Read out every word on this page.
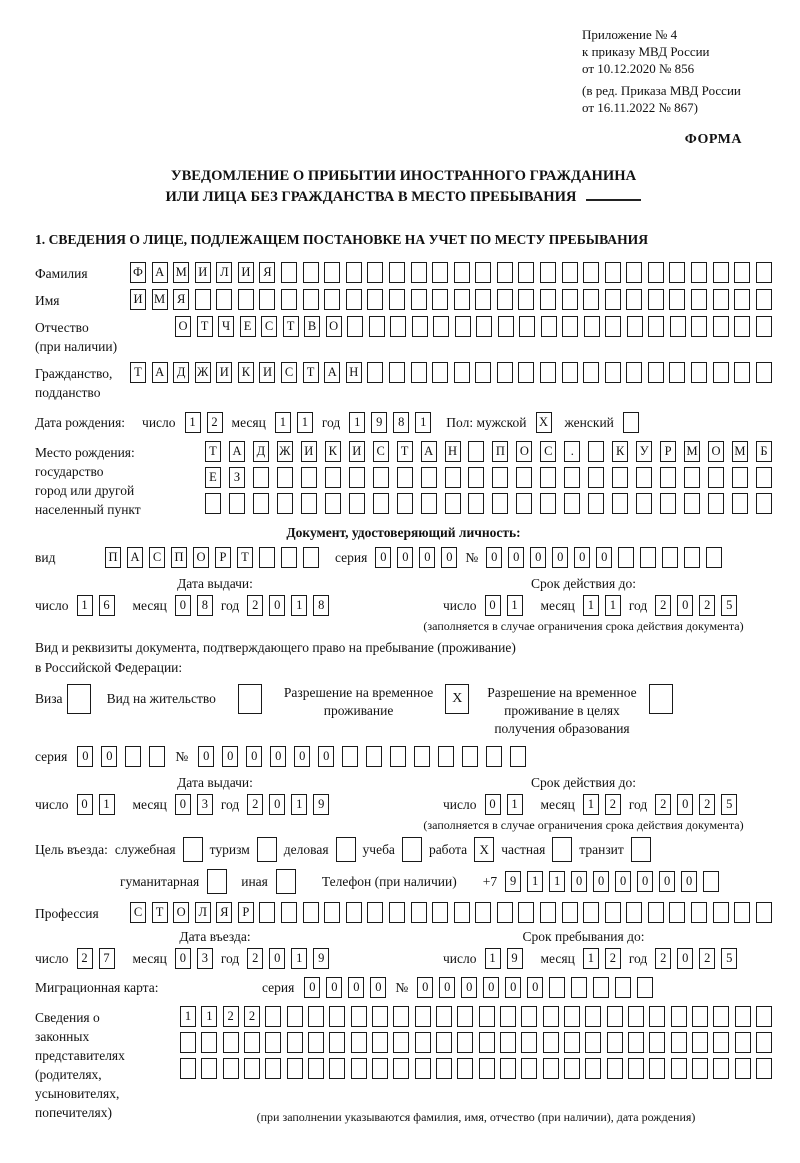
Приложение № 4
к приказу МВД России
от 10.12.2020 № 856
(в ред. Приказа МВД России
от 16.11.2022 № 867)
ФОРМА
УВЕДОМЛЕНИЕ О ПРИБЫТИИ ИНОСТРАННОГО ГРАЖДАНИНА
ИЛИ ЛИЦА БЕЗ ГРАЖДАНСТВА В МЕСТО ПРЕБЫВАНИЯ
1. СВЕДЕНИЯ О ЛИЦЕ, ПОДЛЕЖАЩЕМ ПОСТАНОВКЕ НА УЧЕТ ПО МЕСТУ ПРЕБЫВАНИЯ
Фамилия	Ф А М И	Л	И	Я
Имя	И М Я
Отчество
(при наличии)
О	Т	Ч	Е	С	Т	В	О
Гражданство,
подданство
Т	А Д Ж И	К	И	С	Т	А Н
Дата рождения: число	1	2	месяц	1	1	год	1	9	8	1	Пол: мужской X женский
Место рождения:
государство
город или другой
населенный пункт
Т	А Д Ж И	К	И	С	Т	А Н	П О	С	.	К	У	Р	М О М	Б
Е	З
Документ, удостоверяющий личность:
вид	П А	С	П О	Р	Т	серия	0	0	0	0 №	0	0	0	0	0	0
Дата выдачи:
число	1	6	месяц	0	8 год	2	0	1	8
Срок действия до:
число	0	1	месяц	1	1 год	2	0	2	5
(заполняется в случае ограничения срока действия документа)
Вид и реквизиты документа, подтверждающего право на пребывание (проживание)
в Российской Федерации:
Виза	Вид на жительство	Разрешение на временное
проживание
X	Разрешение на временное
проживание в целях
получения образования
серия	0	0	№	0	0	0	0	0	0
Дата выдачи:
число	0	1	месяц	0	3 год	2	0	1	9
Срок действия до:
число	0	1	месяц	1	2 год	2	0	2	5
(заполняется в случае ограничения срока действия документа)
Цель въезда: служебная	туризм	деловая	учеба	работа X частная	транзит
гуманитарная	иная	Телефон (при наличии) +7	9	1	1	0	0	0	0	0	0
Профессия	С	Т	О	Л	Я	Р
Дата въезда:
число	2	7	месяц	0	3 год	2	0	1	9
Срок пребывания до:
число	1	9	месяц	1	2 год	2	0	2	5
Миграционная карта:	серия	0	0	0	0	№	0	0	0	0	0	0
Сведения о
законных
представителях
(родителях,
усыновителях,
попечителях)
1	1	2	2
(при заполнении указываются фамилия, имя, отчество (при наличии), дата рождения)
